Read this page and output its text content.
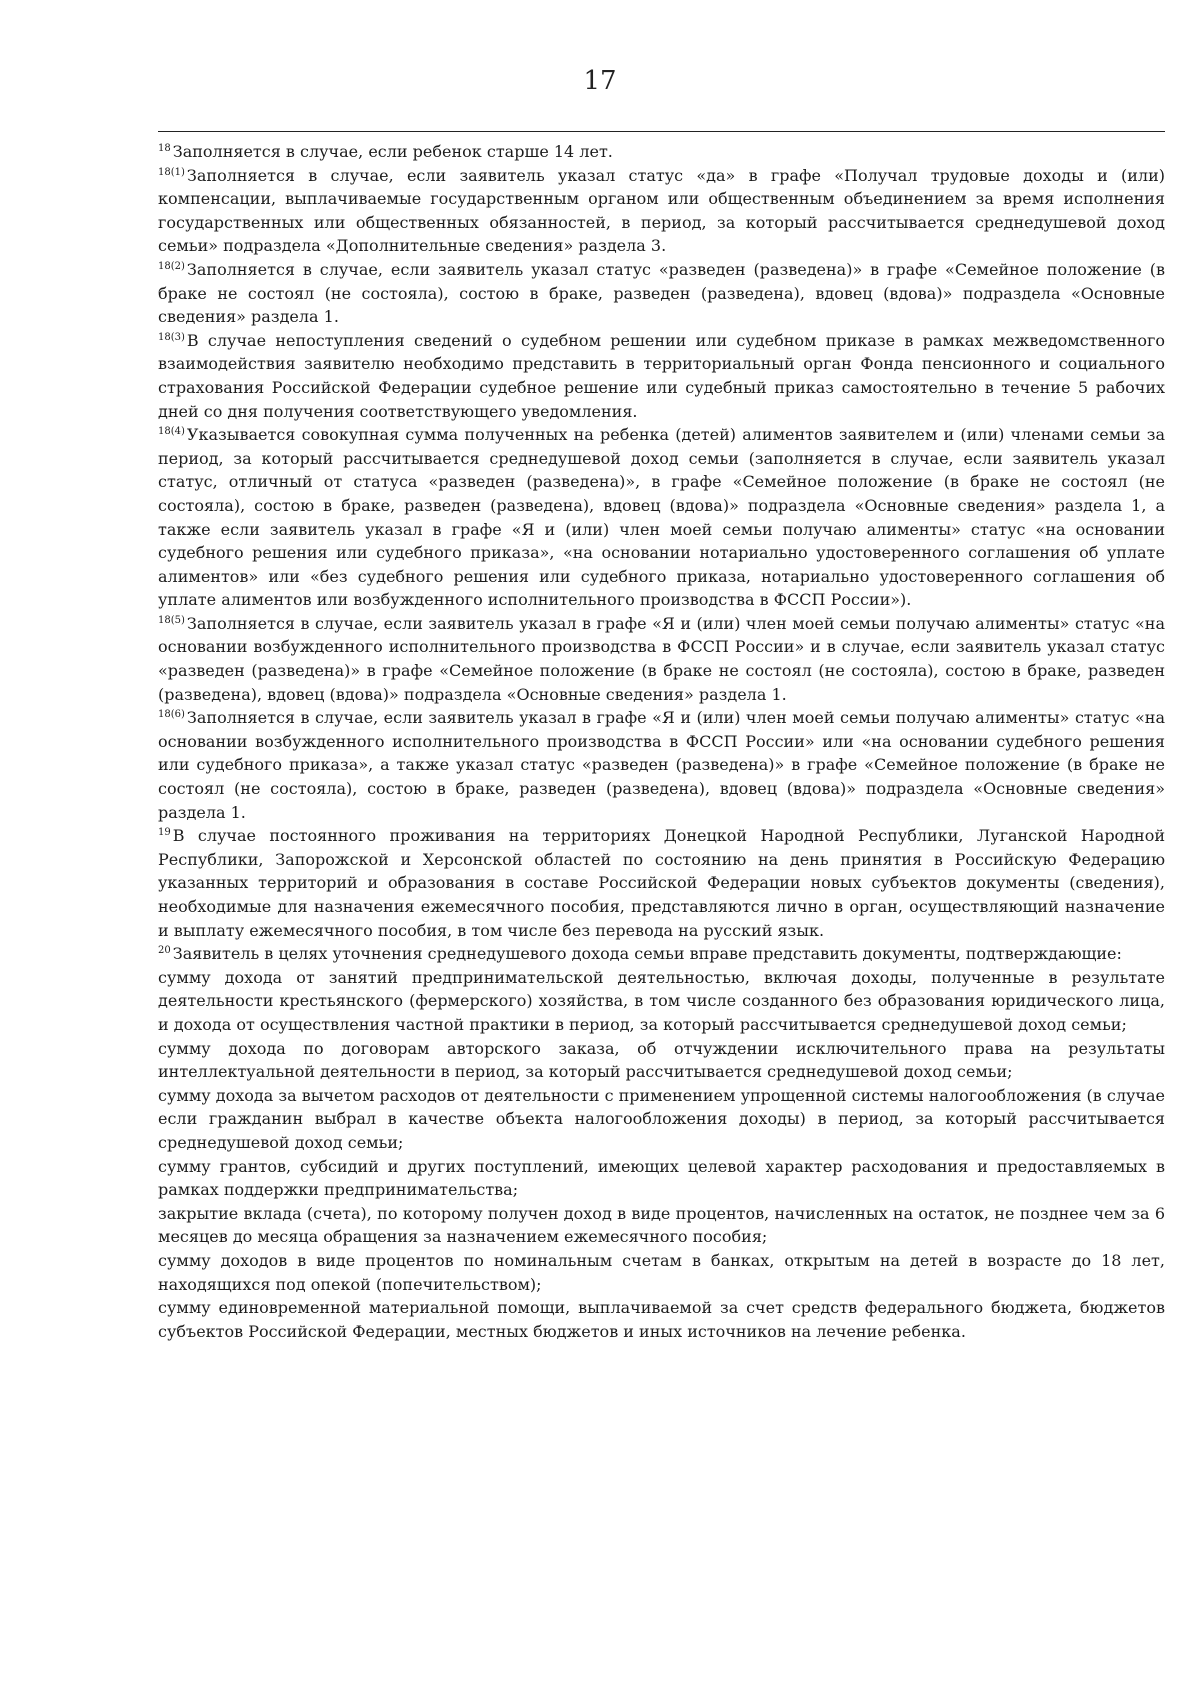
17

$^{18}$ Заполняется в случае, если ребенок старше 14 лет.

$^{18(1)}$ Заполняется в случае, если заявитель указал статус «да» в графе «Получал трудовые доходы и (или) компенсации, выплачиваемые государственным органом или общественным объединением за время исполнения государственных или общественных обязанностей, в период, за который рассчитывается среднедушевой доход семьи» подраздела «Дополнительные сведения» раздела 3.

$^{18(2)}$ Заполняется в случае, если заявитель указал статус «разведен (разведена)» в графе «Семейное положение (в браке не состоял (не состояла), состою в браке, разведен (разведена), вдовец (вдова)» подраздела «Основные сведения» раздела 1.

$^{18(3)}$ В случае непоступления сведений о судебном решении или судебном приказе в рамках межведомственного взаимодействия заявителю необходимо представить в территориальный орган Фонда пенсионного и социального страхования Российской Федерации судебное решение или судебный приказ самостоятельно в течение 5 рабочих дней со дня получения соответствующего уведомления.

$^{18(4)}$ Указывается совокупная сумма полученных на ребенка (детей) алиментов заявителем и (или) членами семьи за период, за который рассчитывается среднедушевой доход семьи (заполняется в случае, если заявитель указал статус, отличный от статуса «разведен (разведена)», в графе «Семейное положение (в браке не состоял (не состояла), состою в браке, разведен (разведена), вдовец (вдова)» подраздела «Основные сведения» раздела 1, а также если заявитель указал в графе «Я и (или) член моей семьи получаю алименты» статус «на основании судебного решения или судебного приказа», «на основании нотариально удостоверенного соглашения об уплате алиментов» или «без судебного решения или судебного приказа, нотариально удостоверенного соглашения об уплате алиментов или возбужденного исполнительного производства в ФССП России»).

$^{18(5)}$ Заполняется в случае, если заявитель указал в графе «Я и (или) член моей семьи получаю алименты» статус «на основании возбужденного исполнительного производства в ФССП России» и в случае, если заявитель указал статус «разведен (разведена)» в графе «Семейное положение (в браке не состоял (не состояла), состою в браке, разведен (разведена), вдовец (вдова)» подраздела «Основные сведения» раздела 1.

$^{18(6)}$ Заполняется в случае, если заявитель указал в графе «Я и (или) член моей семьи получаю алименты» статус «на основании возбужденного исполнительного производства в ФССП России» или «на основании судебного решения или судебного приказа», а также указал статус «разведен (разведена)» в графе «Семейное положение (в браке не состоял (не состояла), состою в браке, разведен (разведена), вдовец (вдова)» подраздела «Основные сведения» раздела 1.

$^{19}$ В случае постоянного проживания на территориях Донецкой Народной Республики, Луганской Народной Республики, Запорожской и Херсонской областей по состоянию на день принятия в Российскую Федерацию указанных территорий и образования в составе Российской Федерации новых субъектов документы (сведения), необходимые для назначения ежемесячного пособия, представляются лично в орган, осуществляющий назначение и выплату ежемесячного пособия, в том числе без перевода на русский язык.

$^{20}$ Заявитель в целях уточнения среднедушевого дохода семьи вправе представить документы, подтверждающие:

сумму дохода от занятий предпринимательской деятельностью, включая доходы, полученные в результате деятельности крестьянского (фермерского) хозяйства, в том числе созданного без образования юридического лица, и дохода от осуществления частной практики в период, за который рассчитывается среднедушевой доход семьи;

сумму дохода по договорам авторского заказа, об отчуждении исключительного права на результаты интеллектуальной деятельности в период, за который рассчитывается среднедушевой доход семьи;

сумму дохода за вычетом расходов от деятельности с применением упрощенной системы налогообложения (в случае если гражданин выбрал в качестве объекта налогообложения доходы) в период, за который рассчитывается среднедушевой доход семьи;

сумму грантов, субсидий и других поступлений, имеющих целевой характер расходования и предоставляемых в рамках поддержки предпринимательства;

закрытие вклада (счета), по которому получен доход в виде процентов, начисленных на остаток, не позднее чем за 6 месяцев до месяца обращения за назначением ежемесячного пособия;

сумму доходов в виде процентов по номинальным счетам в банках, открытым на детей в возрасте до 18 лет, находящихся под опекой (попечительством);

сумму единовременной материальной помощи, выплачиваемой за счет средств федерального бюджета, бюджетов субъектов Российской Федерации, местных бюджетов и иных источников на лечение ребенка.
